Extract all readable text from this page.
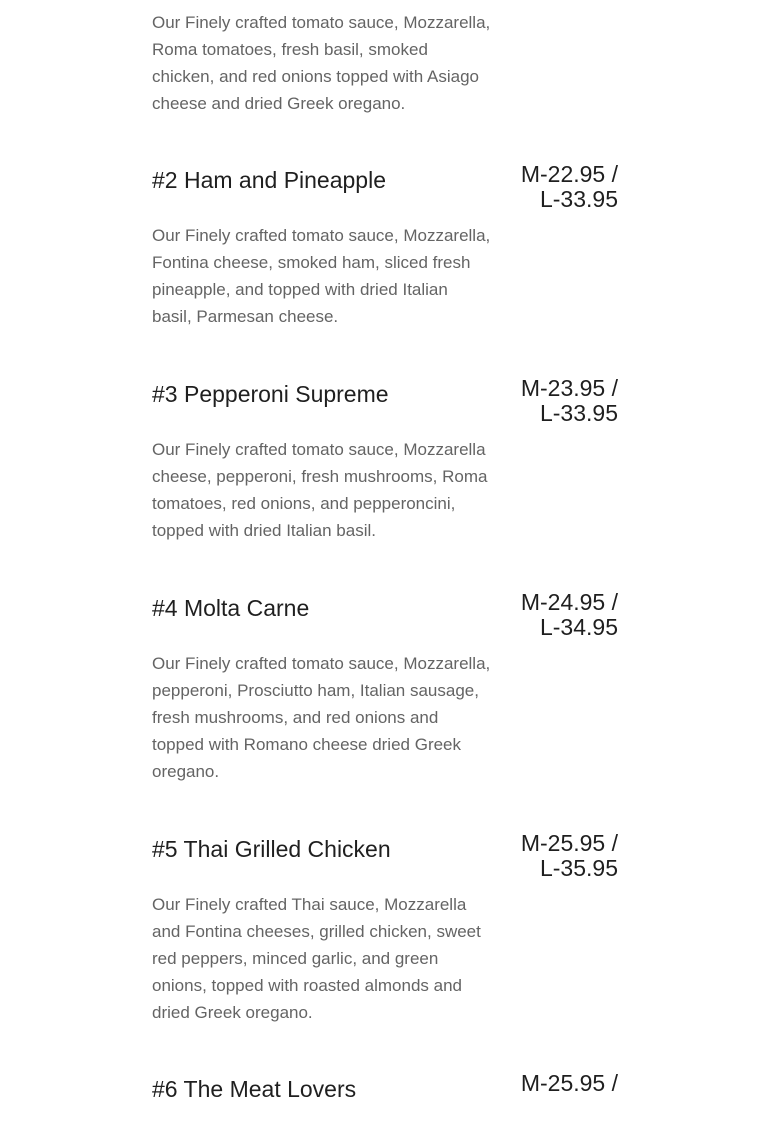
Our Finely crafted tomato sauce, Mozzarella, Roma tomatoes, fresh basil, smoked chicken, and red onions topped with Asiago cheese and dried Greek oregano.

#2 Ham and Pineapple	M-22.95 /
L-33.95

Our Finely crafted tomato sauce, Mozzarella, Fontina cheese, smoked ham, sliced fresh pineapple, and topped with dried Italian basil, Parmesan cheese.

#3 Pepperoni Supreme	M-23.95 /
L-33.95

Our Finely crafted tomato sauce, Mozzarella cheese, pepperoni, fresh mushrooms, Roma tomatoes, red onions, and pepperoncini, topped with dried Italian basil.

#4 Molta Carne	M-24.95 /
L-34.95

Our Finely crafted tomato sauce, Mozzarella, pepperoni, Prosciutto ham, Italian sausage, fresh mushrooms, and red onions and topped with Romano cheese dried Greek oregano.

#5 Thai Grilled Chicken	M-25.95 /
L-35.95

Our Finely crafted Thai sauce, Mozzarella and Fontina cheeses, grilled chicken, sweet red peppers, minced garlic, and green onions, topped with roasted almonds and dried Greek oregano.

#6 The Meat Lovers	M-25.95 /
